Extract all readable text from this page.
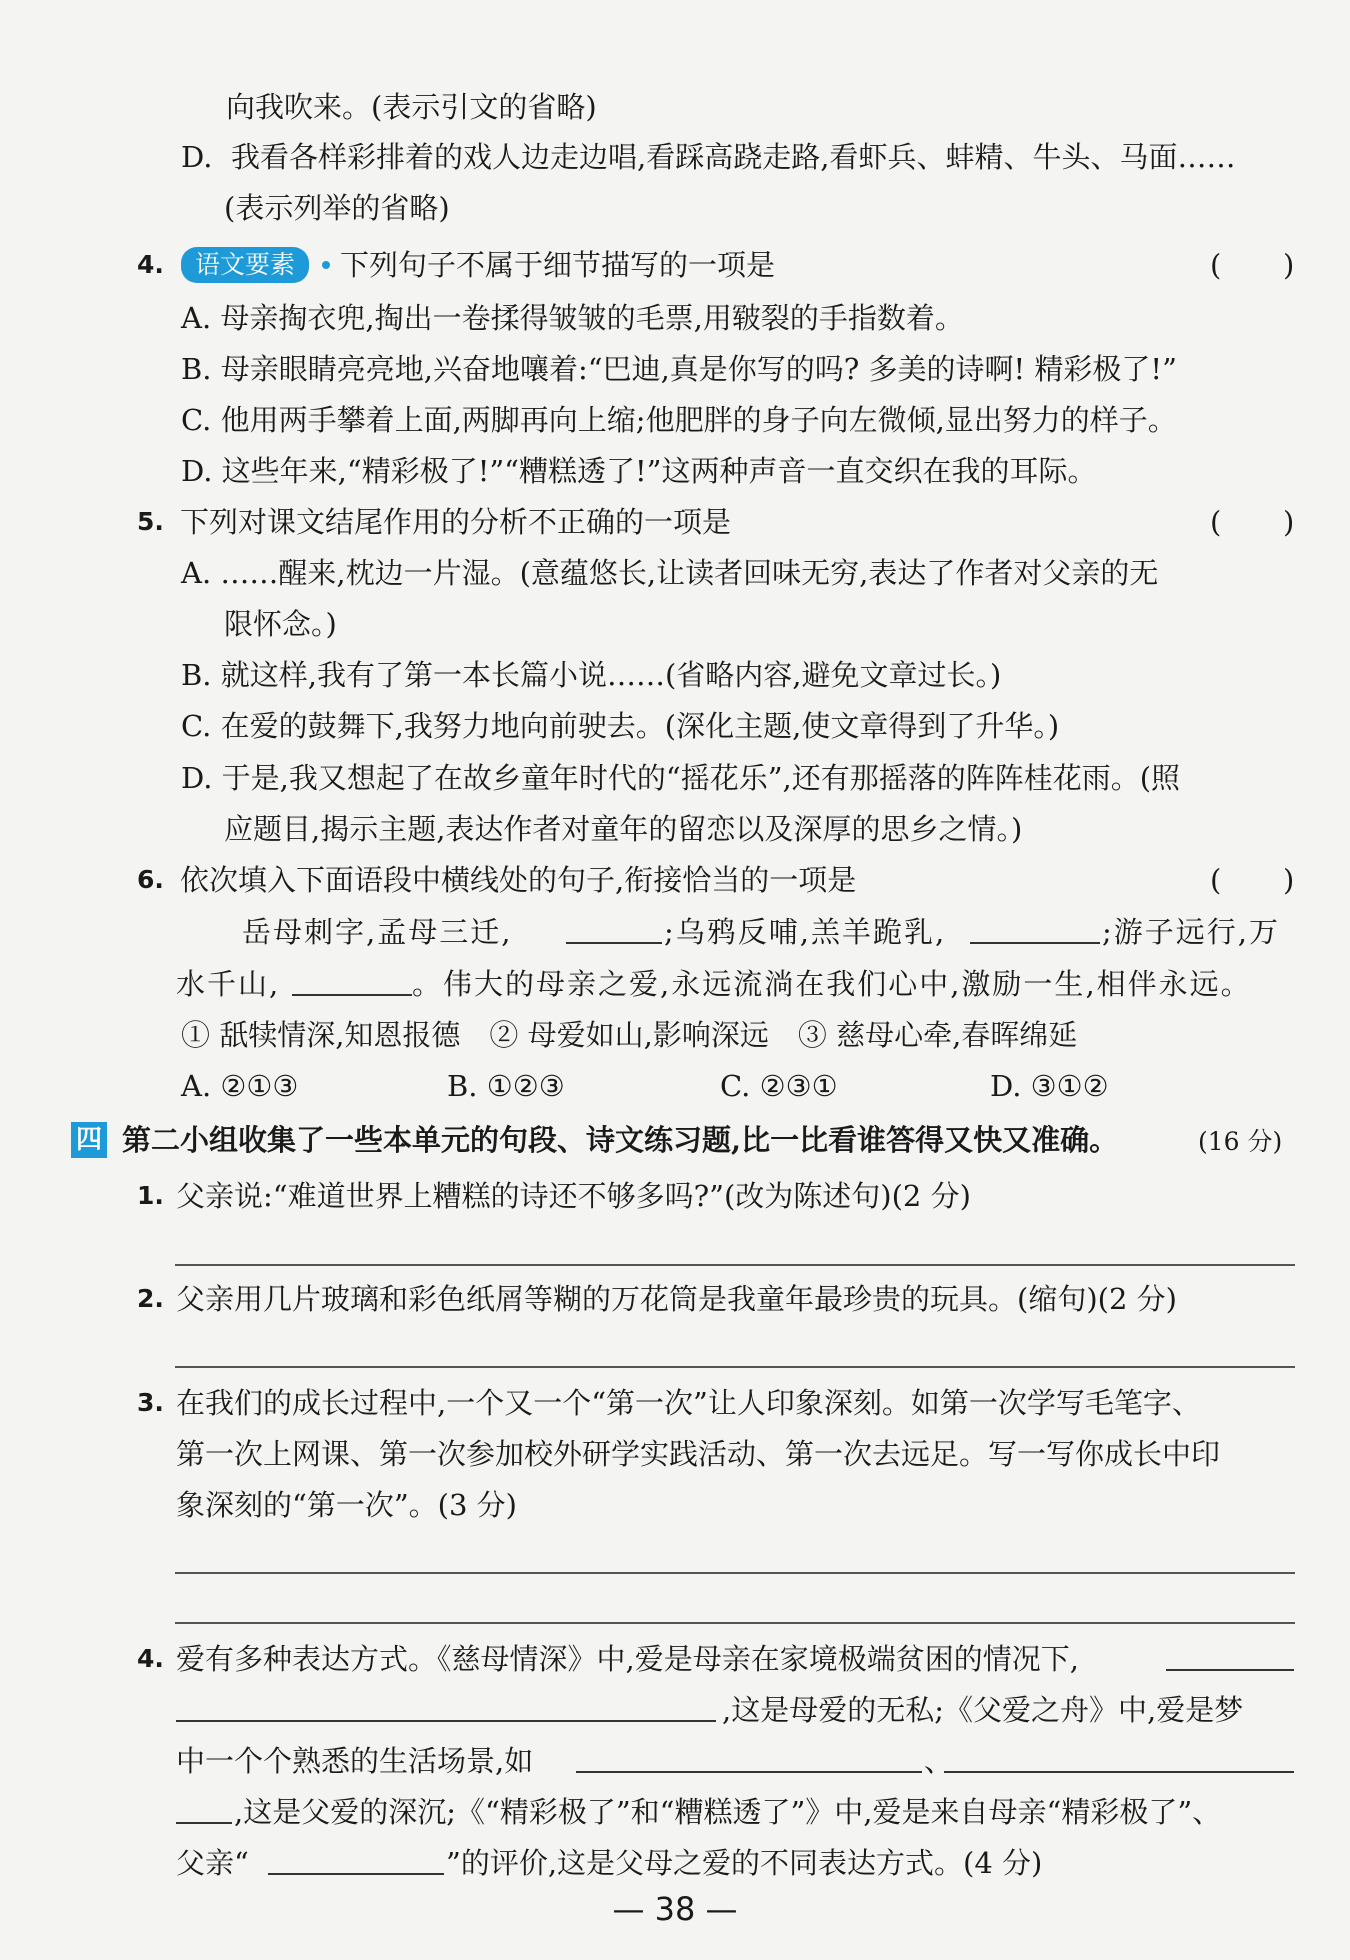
向我吹来。(表示引文的省略)
D. 我看各样彩排着的戏人边走边唱,看踩高跷走路,看虾兵、蚌精、牛头、马面……
(表示列举的省略)
4.	下列句子不属于细节描写的一项是	( )
语文要素
A. 母亲掏衣兜,掏出一卷揉得皱皱的毛票,用皲裂的手指数着。
B. 母亲眼睛亮亮地,兴奋地嚷着:“巴迪,真是你写的吗? 多美的诗啊! 精彩极了!”
C. 他用两手攀着上面,两脚再向上缩;他肥胖的身子向左微倾,显出努力的样子。
D. 这些年来,“精彩极了!”“糟糕透了!”这两种声音一直交织在我的耳际。
5. 下列对课文结尾作用的分析不正确的一项是	( )
A. ……醒来,枕边一片湿。(意蕴悠长,让读者回味无穷,表达了作者对父亲的无
限怀念。)
B. 就这样,我有了第一本长篇小说……(省略内容,避免文章过长。)
C. 在爱的鼓舞下,我努力地向前驶去。(深化主题,使文章得到了升华。)
D. 于是,我又想起了在故乡童年时代的“摇花乐”,还有那摇落的阵阵桂花雨。(照
应题目,揭示主题,表达作者对童年的留恋以及深厚的思乡之情。)
6. 依次填入下面语段中横线处的句子,衔接恰当的一项是	( )
岳母刺字,孟母三迁,	;乌鸦反哺,羔羊跪乳,	;游子远行,万
水千山,	。伟大的母亲之爱,永远流淌在我们心中,激励一生,相伴永远。
① 舐犊情深,知恩报德　② 母爱如山,影响深远　③ 慈母心牵,春晖绵延
A. ②①③	B. ①②③	C. ②③①	D. ③①②
四 第二小组收集了一些本单元的句段、诗文练习题,比一比看谁答得又快又准确。	(16 分)
1. 父亲说:“难道世界上糟糕的诗还不够多吗?”(改为陈述句)(2 分)
2. 父亲用几片玻璃和彩色纸屑等糊的万花筒是我童年最珍贵的玩具。(缩句)(2 分)
3. 在我们的成长过程中,一个又一个“第一次”让人印象深刻。如第一次学写毛笔字、
第一次上网课、第一次参加校外研学实践活动、第一次去远足。写一写你成长中印
象深刻的“第一次”。(3 分)
4. 爱有多种表达方式。《慈母情深》中,爱是母亲在家境极端贫困的情况下,
,这是母爱的无私;《父爱之舟》中,爱是梦
中一个个熟悉的生活场景,如	、
,这是父爱的深沉;《“精彩极了”和“糟糕透了”》中,爱是来自母亲“精彩极了”、
父亲“	”的评价,这是父母之爱的不同表达方式。(4 分)
— 38 —
